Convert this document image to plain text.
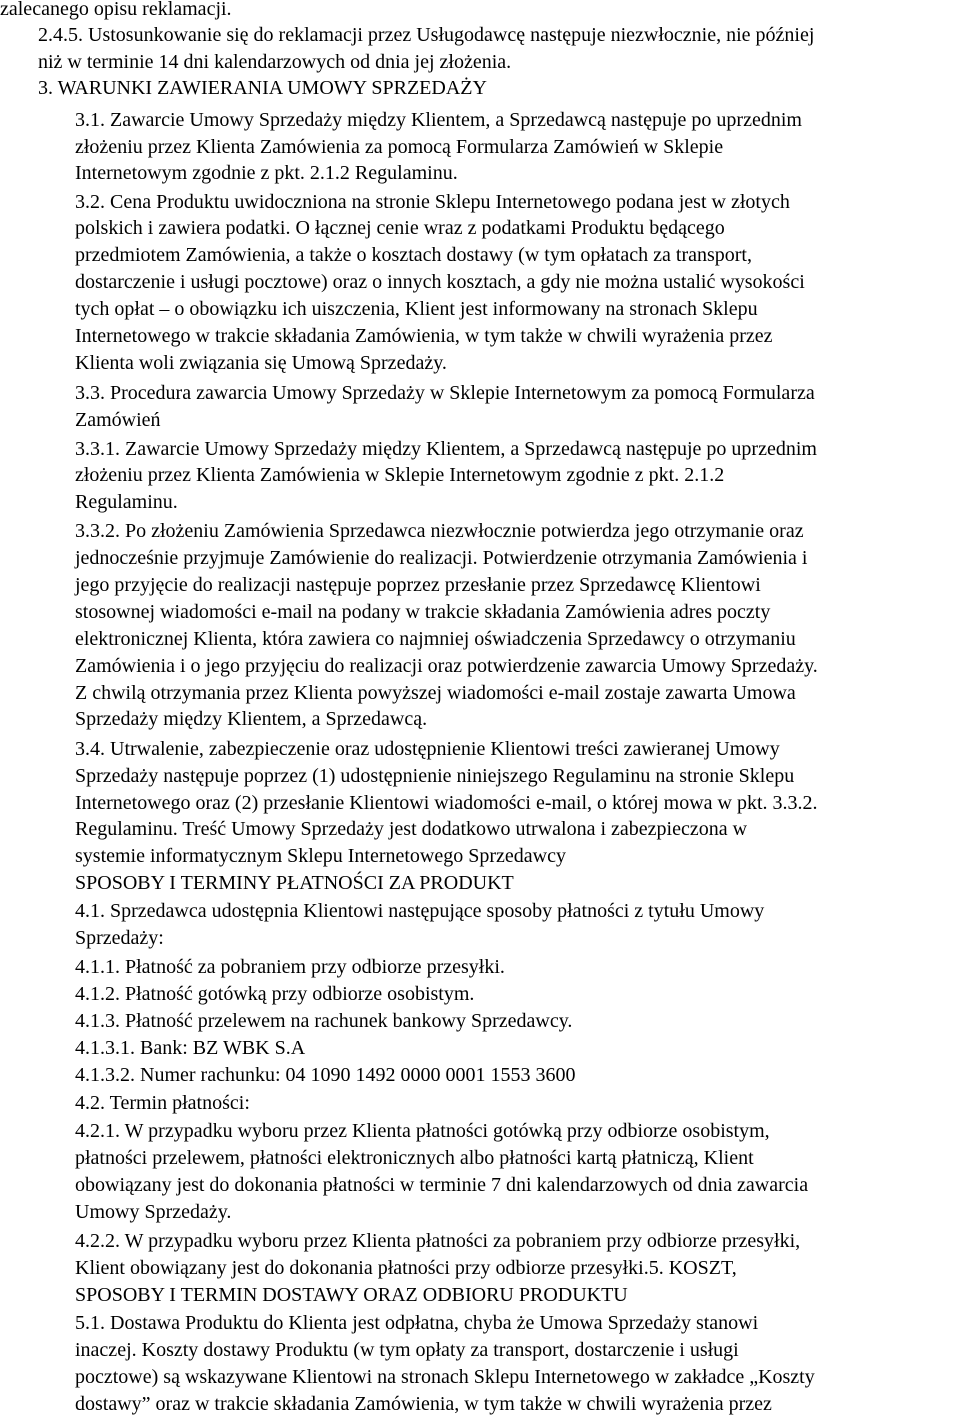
zalecanego opisu reklamacji.
2.4.5. Ustosunkowanie się do reklamacji przez Usługodawcę następuje niezwłocznie, nie później
niż w terminie 14 dni kalendarzowych od dnia jej złożenia.
3. WARUNKI ZAWIERANIA UMOWY SPRZEDAŻY
3.1. Zawarcie Umowy Sprzedaży między Klientem, a Sprzedawcą następuje po uprzednim
złożeniu przez Klienta Zamówienia za pomocą Formularza Zamówień w Sklepie
Internetowym zgodnie z pkt. 2.1.2 Regulaminu.
3.2. Cena Produktu uwidoczniona na stronie Sklepu Internetowego podana jest w złotych
polskich i zawiera podatki. O łącznej cenie wraz z podatkami Produktu będącego
przedmiotem Zamówienia, a także o kosztach dostawy (w tym opłatach za transport,
dostarczenie i usługi pocztowe) oraz o innych kosztach, a gdy nie można ustalić wysokości
tych opłat – o obowiązku ich uiszczenia, Klient jest informowany na stronach Sklepu
Internetowego w trakcie składania Zamówienia, w tym także w chwili wyrażenia przez
Klienta woli związania się Umową Sprzedaży.
3.3. Procedura zawarcia Umowy Sprzedaży w Sklepie Internetowym za pomocą Formularza
Zamówień
3.3.1. Zawarcie Umowy Sprzedaży między Klientem, a Sprzedawcą następuje po uprzednim
złożeniu przez Klienta Zamówienia w Sklepie Internetowym zgodnie z pkt. 2.1.2
Regulaminu.
3.3.2. Po złożeniu Zamówienia Sprzedawca niezwłocznie potwierdza jego otrzymanie oraz
jednocześnie przyjmuje Zamówienie do realizacji. Potwierdzenie otrzymania Zamówienia i
jego przyjęcie do realizacji następuje poprzez przesłanie przez Sprzedawcę Klientowi
stosownej wiadomości e-mail na podany w trakcie składania Zamówienia adres poczty
elektronicznej Klienta, która zawiera co najmniej oświadczenia Sprzedawcy o otrzymaniu
Zamówienia i o jego przyjęciu do realizacji oraz potwierdzenie zawarcia Umowy Sprzedaży.
Z chwilą otrzymania przez Klienta powyższej wiadomości e-mail zostaje zawarta Umowa
Sprzedaży między Klientem, a Sprzedawcą.
3.4. Utrwalenie, zabezpieczenie oraz udostępnienie Klientowi treści zawieranej Umowy
Sprzedaży następuje poprzez (1) udostępnienie niniejszego Regulaminu na stronie Sklepu
Internetowego oraz (2) przesłanie Klientowi wiadomości e-mail, o której mowa w pkt. 3.3.2.
Regulaminu. Treść Umowy Sprzedaży jest dodatkowo utrwalona i zabezpieczona w
systemie informatycznym Sklepu Internetowego Sprzedawcy
SPOSOBY I TERMINY PŁATNOŚCI ZA PRODUKT
4.1. Sprzedawca udostępnia Klientowi następujące sposoby płatności z tytułu Umowy
Sprzedaży:
4.1.1. Płatność za pobraniem przy odbiorze przesyłki.
4.1.2. Płatność gotówką przy odbiorze osobistym.
4.1.3. Płatność przelewem na rachunek bankowy Sprzedawcy.
4.1.3.1. Bank: BZ WBK S.A
4.1.3.2. Numer rachunku: 04 1090 1492 0000 0001 1553 3600
4.2. Termin płatności:
4.2.1. W przypadku wyboru przez Klienta płatności gotówką przy odbiorze osobistym,
płatności przelewem, płatności elektronicznych albo płatności kartą płatniczą, Klient
obowiązany jest do dokonania płatności w terminie 7 dni kalendarzowych od dnia zawarcia
Umowy Sprzedaży.
4.2.2. W przypadku wyboru przez Klienta płatności za pobraniem przy odbiorze przesyłki,
Klient obowiązany jest do dokonania płatności przy odbiorze przesyłki.5. KOSZT,
SPOSOBY I TERMIN DOSTAWY ORAZ ODBIORU PRODUKTU
5.1. Dostawa Produktu do Klienta jest odpłatna, chyba że Umowa Sprzedaży stanowi
inaczej. Koszty dostawy Produktu (w tym opłaty za transport, dostarczenie i usługi
pocztowe) są wskazywane Klientowi na stronach Sklepu Internetowego w zakładce „Koszty
dostawy” oraz w trakcie składania Zamówienia, w tym także w chwili wyrażenia przez
